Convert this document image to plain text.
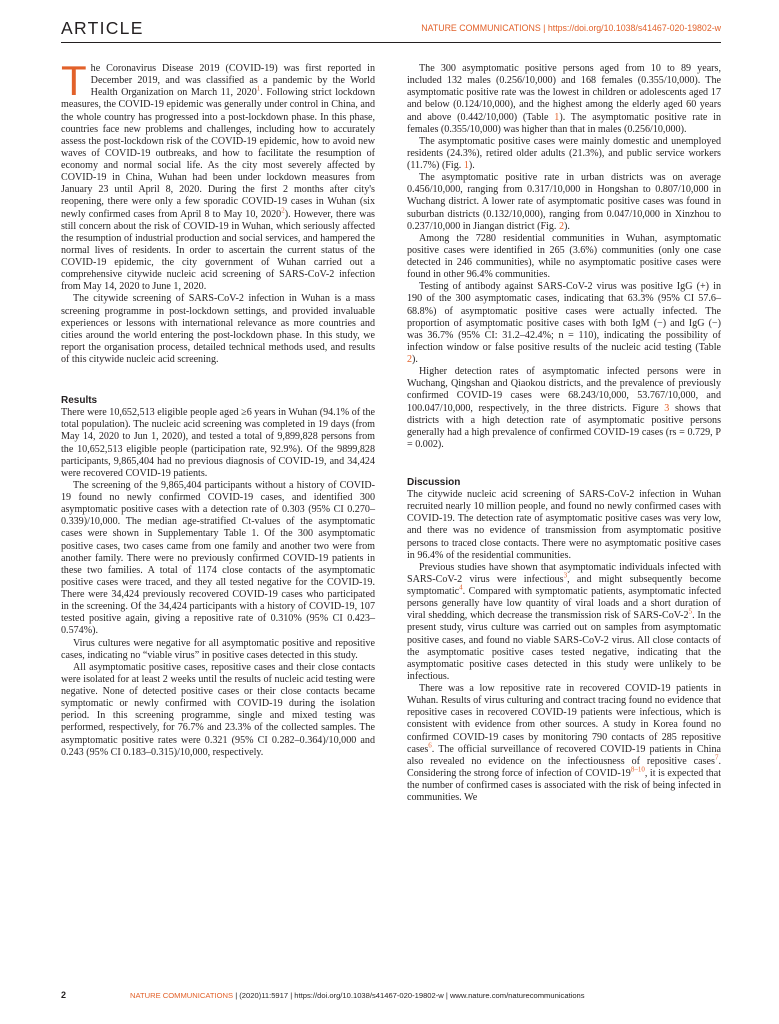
ARTICLE	NATURE COMMUNICATIONS | https://doi.org/10.1038/s41467-020-19802-w

The Coronavirus Disease 2019 (COVID-19) was first reported in December 2019, and was classified as a pandemic by the World Health Organization on March 11, 2020$^1$. Following strict lockdown measures, the COVID-19 epidemic was generally under control in China, and the whole country has progressed into a post-lockdown phase. In this phase, countries face new problems and challenges, including how to accurately assess the post-lockdown risk of the COVID-19 epidemic, how to avoid new waves of COVID-19 outbreaks, and how to facilitate the resumption of economy and normal social life. As the city most severely affected by COVID-19 in China, Wuhan had been under lockdown measures from January 23 until April 8, 2020. During the first 2 months after city's reopening, there were only a few sporadic COVID-19 cases in Wuhan (six newly confirmed cases from April 8 to May 10, 2020$^2$). However, there was still concern about the risk of COVID-19 in Wuhan, which seriously affected the resumption of industrial production and social services, and hampered the normal lives of residents. In order to ascertain the current status of the COVID-19 epidemic, the city government of Wuhan carried out a comprehensive citywide nucleic acid screening of SARS-CoV-2 infection from May 14, 2020 to June 1, 2020.

The citywide screening of SARS-CoV-2 infection in Wuhan is a mass screening programme in post-lockdown settings, and provided invaluable experiences or lessons with international relevance as more countries and cities around the world entering the post-lockdown phase. In this study, we report the organisation process, detailed technical methods used, and results of this citywide nucleic acid screening.

Results

There were 10,652,513 eligible people aged ≥6 years in Wuhan (94.1% of the total population). The nucleic acid screening was completed in 19 days (from May 14, 2020 to Jun 1, 2020), and tested a total of 9,899,828 persons from the 10,652,513 eligible people (participation rate, 92.9%). Of the 9899,828 participants, 9,865,404 had no previous diagnosis of COVID-19, and 34,424 were recovered COVID-19 patients.

The screening of the 9,865,404 participants without a history of COVID-19 found no newly confirmed COVID-19 cases, and identified 300 asymptomatic positive cases with a detection rate of 0.303 (95% CI 0.270–0.339)/10,000. The median age-stratified Ct-values of the asymptomatic cases were shown in Supplementary Table 1. Of the 300 asymptomatic positive cases, two cases came from one family and another two were from another family. There were no previously confirmed COVID-19 patients in these two families. A total of 1174 close contacts of the asymptomatic positive cases were traced, and they all tested negative for the COVID-19. There were 34,424 previously recovered COVID-19 cases who participated in the screening. Of the 34,424 participants with a history of COVID-19, 107 tested positive again, giving a repositive rate of 0.310% (95% CI 0.423–0.574%).

Virus cultures were negative for all asymptomatic positive and repositive cases, indicating no “viable virus” in positive cases detected in this study.

All asymptomatic positive cases, repositive cases and their close contacts were isolated for at least 2 weeks until the results of nucleic acid testing were negative. None of detected positive cases or their close contacts became symptomatic or newly confirmed with COVID-19 during the isolation period. In this screening programme, single and mixed testing was performed, respectively, for 76.7% and 23.3% of the collected samples. The asymptomatic positive rates were 0.321 (95% CI 0.282–0.364)/10,000 and 0.243 (95% CI 0.183–0.315)/10,000, respectively.

The 300 asymptomatic positive persons aged from 10 to 89 years, included 132 males (0.256/10,000) and 168 females (0.355/10,000). The asymptomatic positive rate was the lowest in children or adolescents aged 17 and below (0.124/10,000), and the highest among the elderly aged 60 years and above (0.442/10,000) (Table 1). The asymptomatic positive rate in females (0.355/10,000) was higher than that in males (0.256/10,000).

The asymptomatic positive cases were mainly domestic and unemployed residents (24.3%), retired older adults (21.3%), and public service workers (11.7%) (Fig. 1).

The asymptomatic positive rate in urban districts was on average 0.456/10,000, ranging from 0.317/10,000 in Hongshan to 0.807/10,000 in Wuchang district. A lower rate of asymptomatic positive cases was found in suburban districts (0.132/10,000), ranging from 0.047/10,000 in Xinzhou to 0.237/10,000 in Jiangan district (Fig. 2).

Among the 7280 residential communities in Wuhan, asymptomatic positive cases were identified in 265 (3.6%) communities (only one case detected in 246 communities), while no asymptomatic positive cases were found in other 96.4% communities.

Testing of antibody against SARS-CoV-2 virus was positive IgG (+) in 190 of the 300 asymptomatic cases, indicating that 63.3% (95% CI 57.6–68.8%) of asymptomatic positive cases were actually infected. The proportion of asymptomatic positive cases with both IgM (−) and IgG (−) was 36.7% (95% CI: 31.2–42.4%; n = 110), indicating the possibility of infection window or false positive results of the nucleic acid testing (Table 2).

Higher detection rates of asymptomatic infected persons were in Wuchang, Qingshan and Qiaokou districts, and the prevalence of previously confirmed COVID-19 cases were 68.243/10,000, 53.767/10,000, and 100.047/10,000, respectively, in the three districts. Figure 3 shows that districts with a high detection rate of asymptomatic positive persons generally had a high prevalence of confirmed COVID-19 cases (rs = 0.729, P = 0.002).

Discussion

The citywide nucleic acid screening of SARS-CoV-2 infection in Wuhan recruited nearly 10 million people, and found no newly confirmed cases with COVID-19. The detection rate of asymptomatic positive cases was very low, and there was no evidence of transmission from asymptomatic positive persons to traced close contacts. There were no asymptomatic positive cases in 96.4% of the residential communities.

Previous studies have shown that asymptomatic individuals infected with SARS-CoV-2 virus were infectious$^3$, and might subsequently become symptomatic$^4$. Compared with symptomatic patients, asymptomatic infected persons generally have low quantity of viral loads and a short duration of viral shedding, which decrease the transmission risk of SARS-CoV-2$^5$. In the present study, virus culture was carried out on samples from asymptomatic positive cases, and found no viable SARS-CoV-2 virus. All close contacts of the asymptomatic positive cases tested negative, indicating that the asymptomatic positive cases detected in this study were unlikely to be infectious.

There was a low repositive rate in recovered COVID-19 patients in Wuhan. Results of virus culturing and contract tracing found no evidence that repositive cases in recovered COVID-19 patients were infectious, which is consistent with evidence from other sources. A study in Korea found no confirmed COVID-19 cases by monitoring 790 contacts of 285 repositive cases$^6$. The official surveillance of recovered COVID-19 patients in China also revealed no evidence on the infectiousness of repositive cases$^7$. Considering the strong force of infection of COVID-19$^{8-10}$, it is expected that the number of confirmed cases is associated with the risk of being infected in communities. We

2	NATURE COMMUNICATIONS | (2020)11:5917 | https://doi.org/10.1038/s41467-020-19802-w | www.nature.com/naturecommunications
